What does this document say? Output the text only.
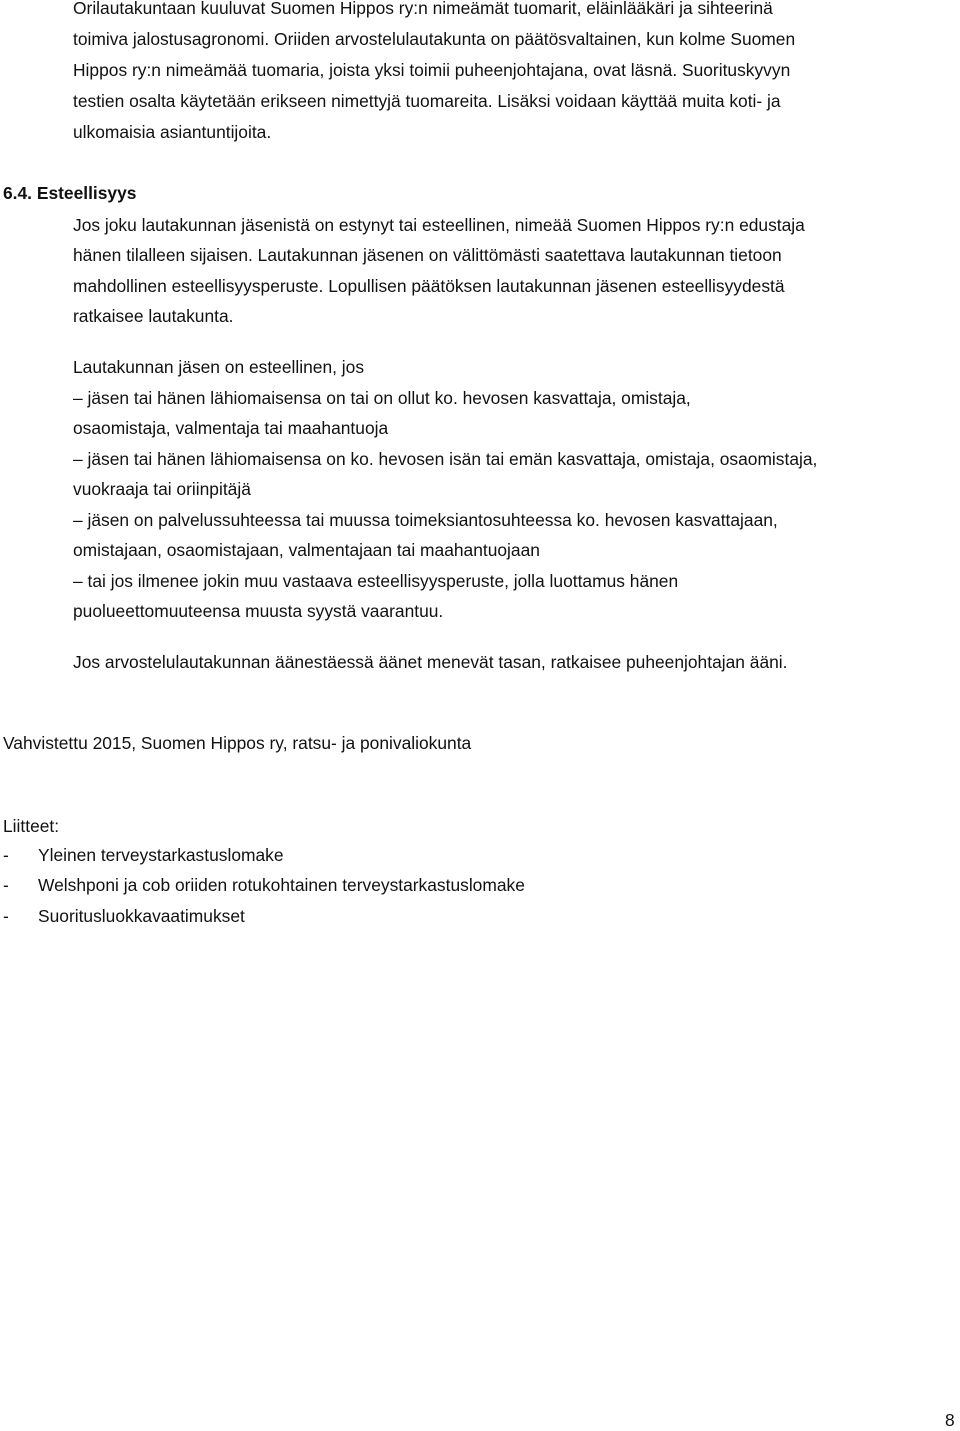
Orilautakuntaan kuuluvat Suomen Hippos ry:n nimeämät tuomarit, eläinlääkäri ja sihteerinä
toimiva jalostusagronomi. Oriiden arvostelulautakunta on päätösvaltainen, kun kolme Suomen
Hippos ry:n nimeämää tuomaria, joista yksi toimii puheenjohtajana, ovat läsnä. Suorituskyvyn
testien osalta käytetään erikseen nimettyjä tuomareita. Lisäksi voidaan käyttää muita koti- ja
ulkomaisia asiantuntijoita.
6.4. Esteellisyys
Jos joku lautakunnan jäsenistä on estynyt tai esteellinen, nimeää Suomen Hippos ry:n edustaja
hänen tilalleen sijaisen. Lautakunnan jäsenen on välittömästi saatettava lautakunnan tietoon
mahdollinen esteellisyysperuste. Lopullisen päätöksen lautakunnan jäsenen esteellisyydestä
ratkaisee lautakunta.
Lautakunnan jäsen on esteellinen, jos
– jäsen tai hänen lähiomaisensa on tai on ollut ko. hevosen kasvattaja, omistaja,
osaomistaja, valmentaja tai maahantuoja
– jäsen tai hänen lähiomaisensa on ko. hevosen isän tai emän kasvattaja, omistaja, osaomistaja,
vuokraaja tai oriinpitäjä
– jäsen on palvelussuhteessa tai muussa toimeksiantosuhteessa ko. hevosen kasvattajaan,
omistajaan, osaomistajaan, valmentajaan tai maahantuojaan
– tai jos ilmenee jokin muu vastaava esteellisyysperuste, jolla luottamus hänen
puolueettomuuteensa muusta syystä vaarantuu.
Jos arvostelulautakunnan äänestäessä äänet menevät tasan, ratkaisee puheenjohtajan ääni.
Vahvistettu 2015, Suomen Hippos ry, ratsu- ja ponivaliokunta
Liitteet:
- Yleinen terveystarkastuslomake
- Welshponi ja cob oriiden rotukohtainen terveystarkastuslomake
- Suoritusluokkavaatimukset
8
